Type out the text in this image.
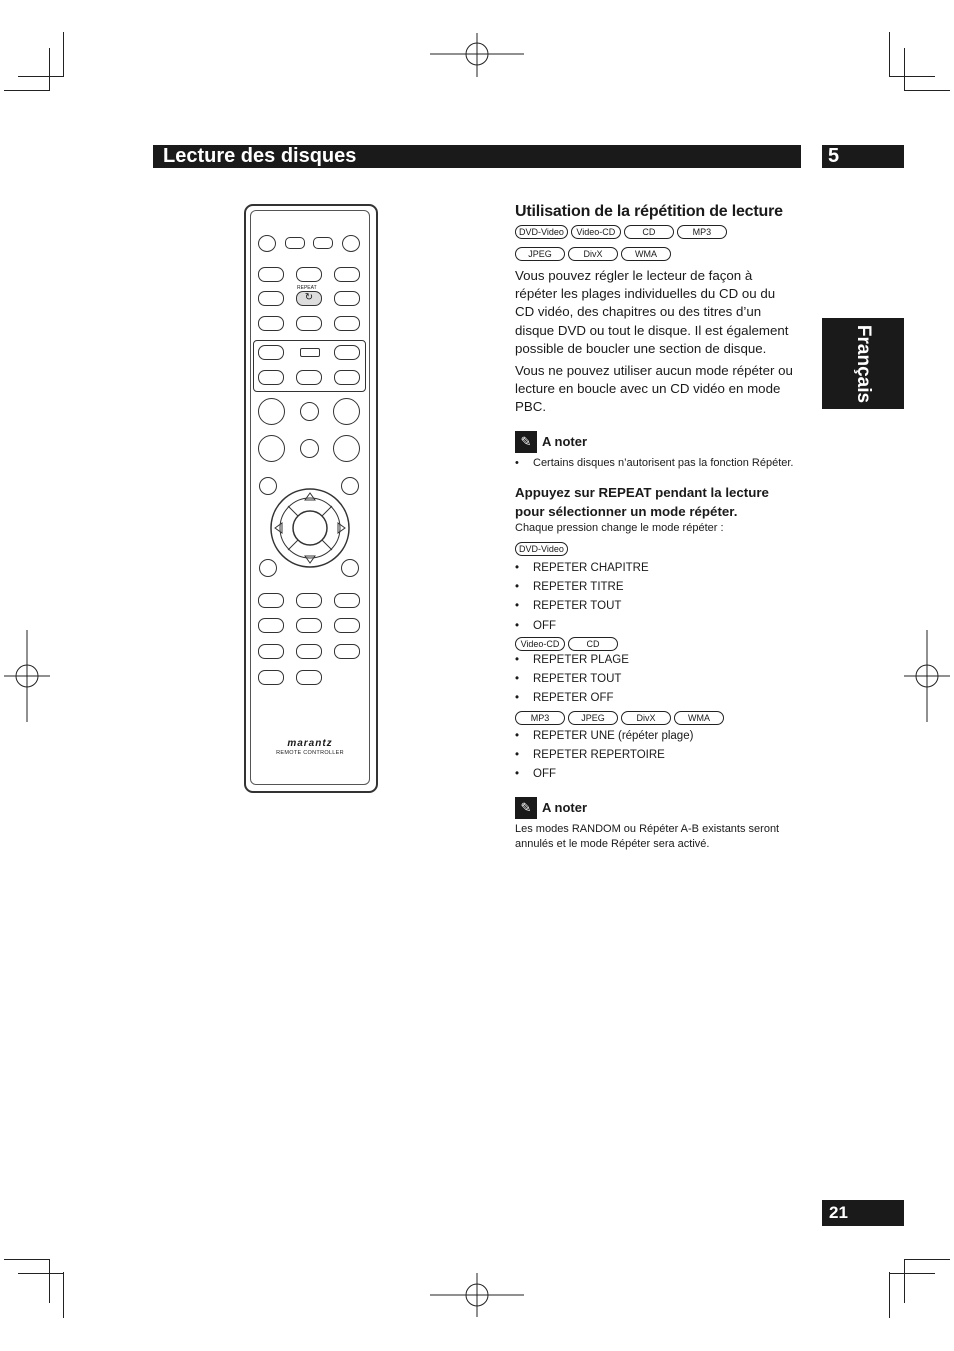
Lecture des disques	5
Français
REPEAT
↻
marantz
REMOTE CONTROLLER
Utilisation de la répétition de lecture
DVD-Video	Video-CD	CD	MP3
JPEG	DivX	WMA

Vous pouvez régler le lecteur de façon à répéter les plages individuelles du CD ou du CD vidéo, des chapitres ou des titres d’un disque DVD ou tout le disque. Il est également possible de boucler une section de disque.

Vous ne pouvez utiliser aucun mode répéter ou lecture en boucle avec un CD vidéo en mode PBC.

✎ A noter
• Certains disques n’autorisent pas la fonction Répéter.

Appuyez sur REPEAT pendant la lecture pour sélectionner un mode répéter.

Chaque pression change le mode répéter :

DVD-Video
• REPETER CHAPITRE
• REPETER TITRE
• REPETER TOUT
• OFF
Video-CD	CD
• REPETER PLAGE
• REPETER TOUT
• REPETER OFF
MP3	JPEG	DivX	WMA
• REPETER UNE (répéter plage)
• REPETER REPERTOIRE
• OFF
✎ A noter

Les modes RANDOM ou Répéter A-B existants seront annulés et le mode Répéter sera activé.

21
